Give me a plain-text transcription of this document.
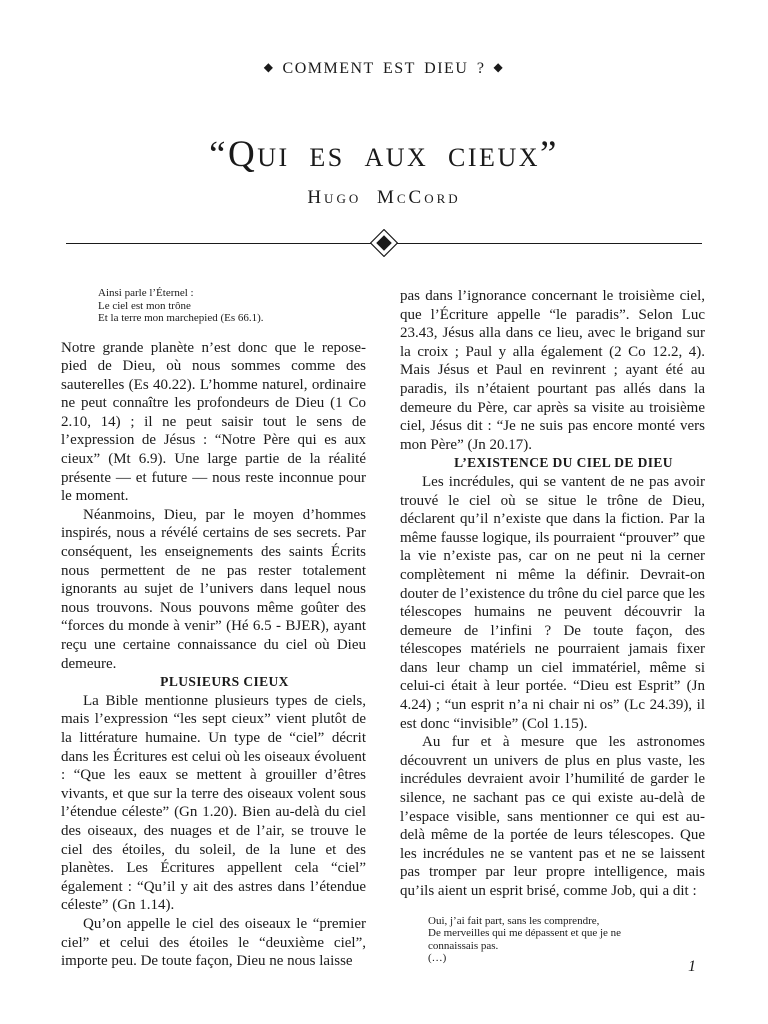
◆ COMMENT EST DIEU ? ◆
“Qui es aux cieux”
Hugo McCord
Ainsi parle l’Éternel :
Le ciel est mon trône
Et la terre mon marchepied (Es 66.1).

Notre grande planète n’est donc que le repose-pied de Dieu, où nous sommes comme des sauterelles (Es 40.22). L’homme naturel, ordinaire ne peut connaître les profondeurs de Dieu (1 Co 2.10, 14) ; il ne peut saisir tout le sens de l’expression de Jésus : “Notre Père qui es aux cieux” (Mt 6.9). Une large partie de la réalité présente — et future — nous reste inconnue pour le moment.

Néanmoins, Dieu, par le moyen d’hommes inspirés, nous a révélé certains de ses secrets. Par conséquent, les enseignements des saints Écrits nous permettent de ne pas rester totalement ignorants au sujet de l’univers dans lequel nous nous trouvons. Nous pouvons même goûter des “forces du monde à venir” (Hé 6.5 - BJER), ayant reçu une certaine connaissance du ciel où Dieu demeure.

PLUSIEURS CIEUX

La Bible mentionne plusieurs types de ciels, mais l’expression “les sept cieux” vient plutôt de la littérature humaine. Un type de “ciel” décrit dans les Écritures est celui où les oiseaux évoluent : “Que les eaux se mettent à grouiller d’êtres vivants, et que sur la terre des oiseaux volent sous l’étendue céleste” (Gn 1.20). Bien au-delà du ciel des oiseaux, des nuages et de l’air, se trouve le ciel des étoiles, du soleil, de la lune et des planètes. Les Écritures appellent cela “ciel” également : “Qu’il y ait des astres dans l’étendue céleste” (Gn 1.14).

Qu’on appelle le ciel des oiseaux le “premier ciel” et celui des étoiles le “deuxième ciel”, importe peu. De toute façon, Dieu ne nous laisse

pas dans l’ignorance concernant le troisième ciel, que l’Écriture appelle “le paradis”. Selon Luc 23.43, Jésus alla dans ce lieu, avec le brigand sur la croix ; Paul y alla également (2 Co 12.2, 4). Mais Jésus et Paul en revinrent ; ayant été au paradis, ils n’étaient pourtant pas allés dans la demeure du Père, car après sa visite au troisième ciel, Jésus dit : “Je ne suis pas encore monté vers mon Père” (Jn 20.17).

L’EXISTENCE DU CIEL DE DIEU

Les incrédules, qui se vantent de ne pas avoir trouvé le ciel où se situe le trône de Dieu, déclarent qu’il n’existe que dans la fiction. Par la même fausse logique, ils pourraient “prouver” que la vie n’existe pas, car on ne peut ni la cerner complètement ni même la définir. Devrait-on douter de l’existence du trône du ciel parce que les télescopes humains ne peuvent découvrir la demeure de l’infini ? De toute façon, des télescopes matériels ne pourraient jamais fixer dans leur champ un ciel immatériel, même si celui-ci était à leur portée. “Dieu est Esprit” (Jn 4.24) ; “un esprit n’a ni chair ni os” (Lc 24.39), il est donc “invisible” (Col 1.15).

Au fur et à mesure que les astronomes découvrent un univers de plus en plus vaste, les incrédules devraient avoir l’humilité de garder le silence, ne sachant pas ce qui existe au-delà de l’espace visible, sans mentionner ce qui est au-delà même de la portée de leurs télescopes. Que les incrédules ne se vantent pas et ne se laissent pas tromper par leur propre intelligence, mais qu’ils aient un esprit brisé, comme Job, qui a dit :

Oui, j’ai fait part, sans les comprendre,
De merveilles qui me dépassent et que je ne
connaissais pas.
(…)	1
